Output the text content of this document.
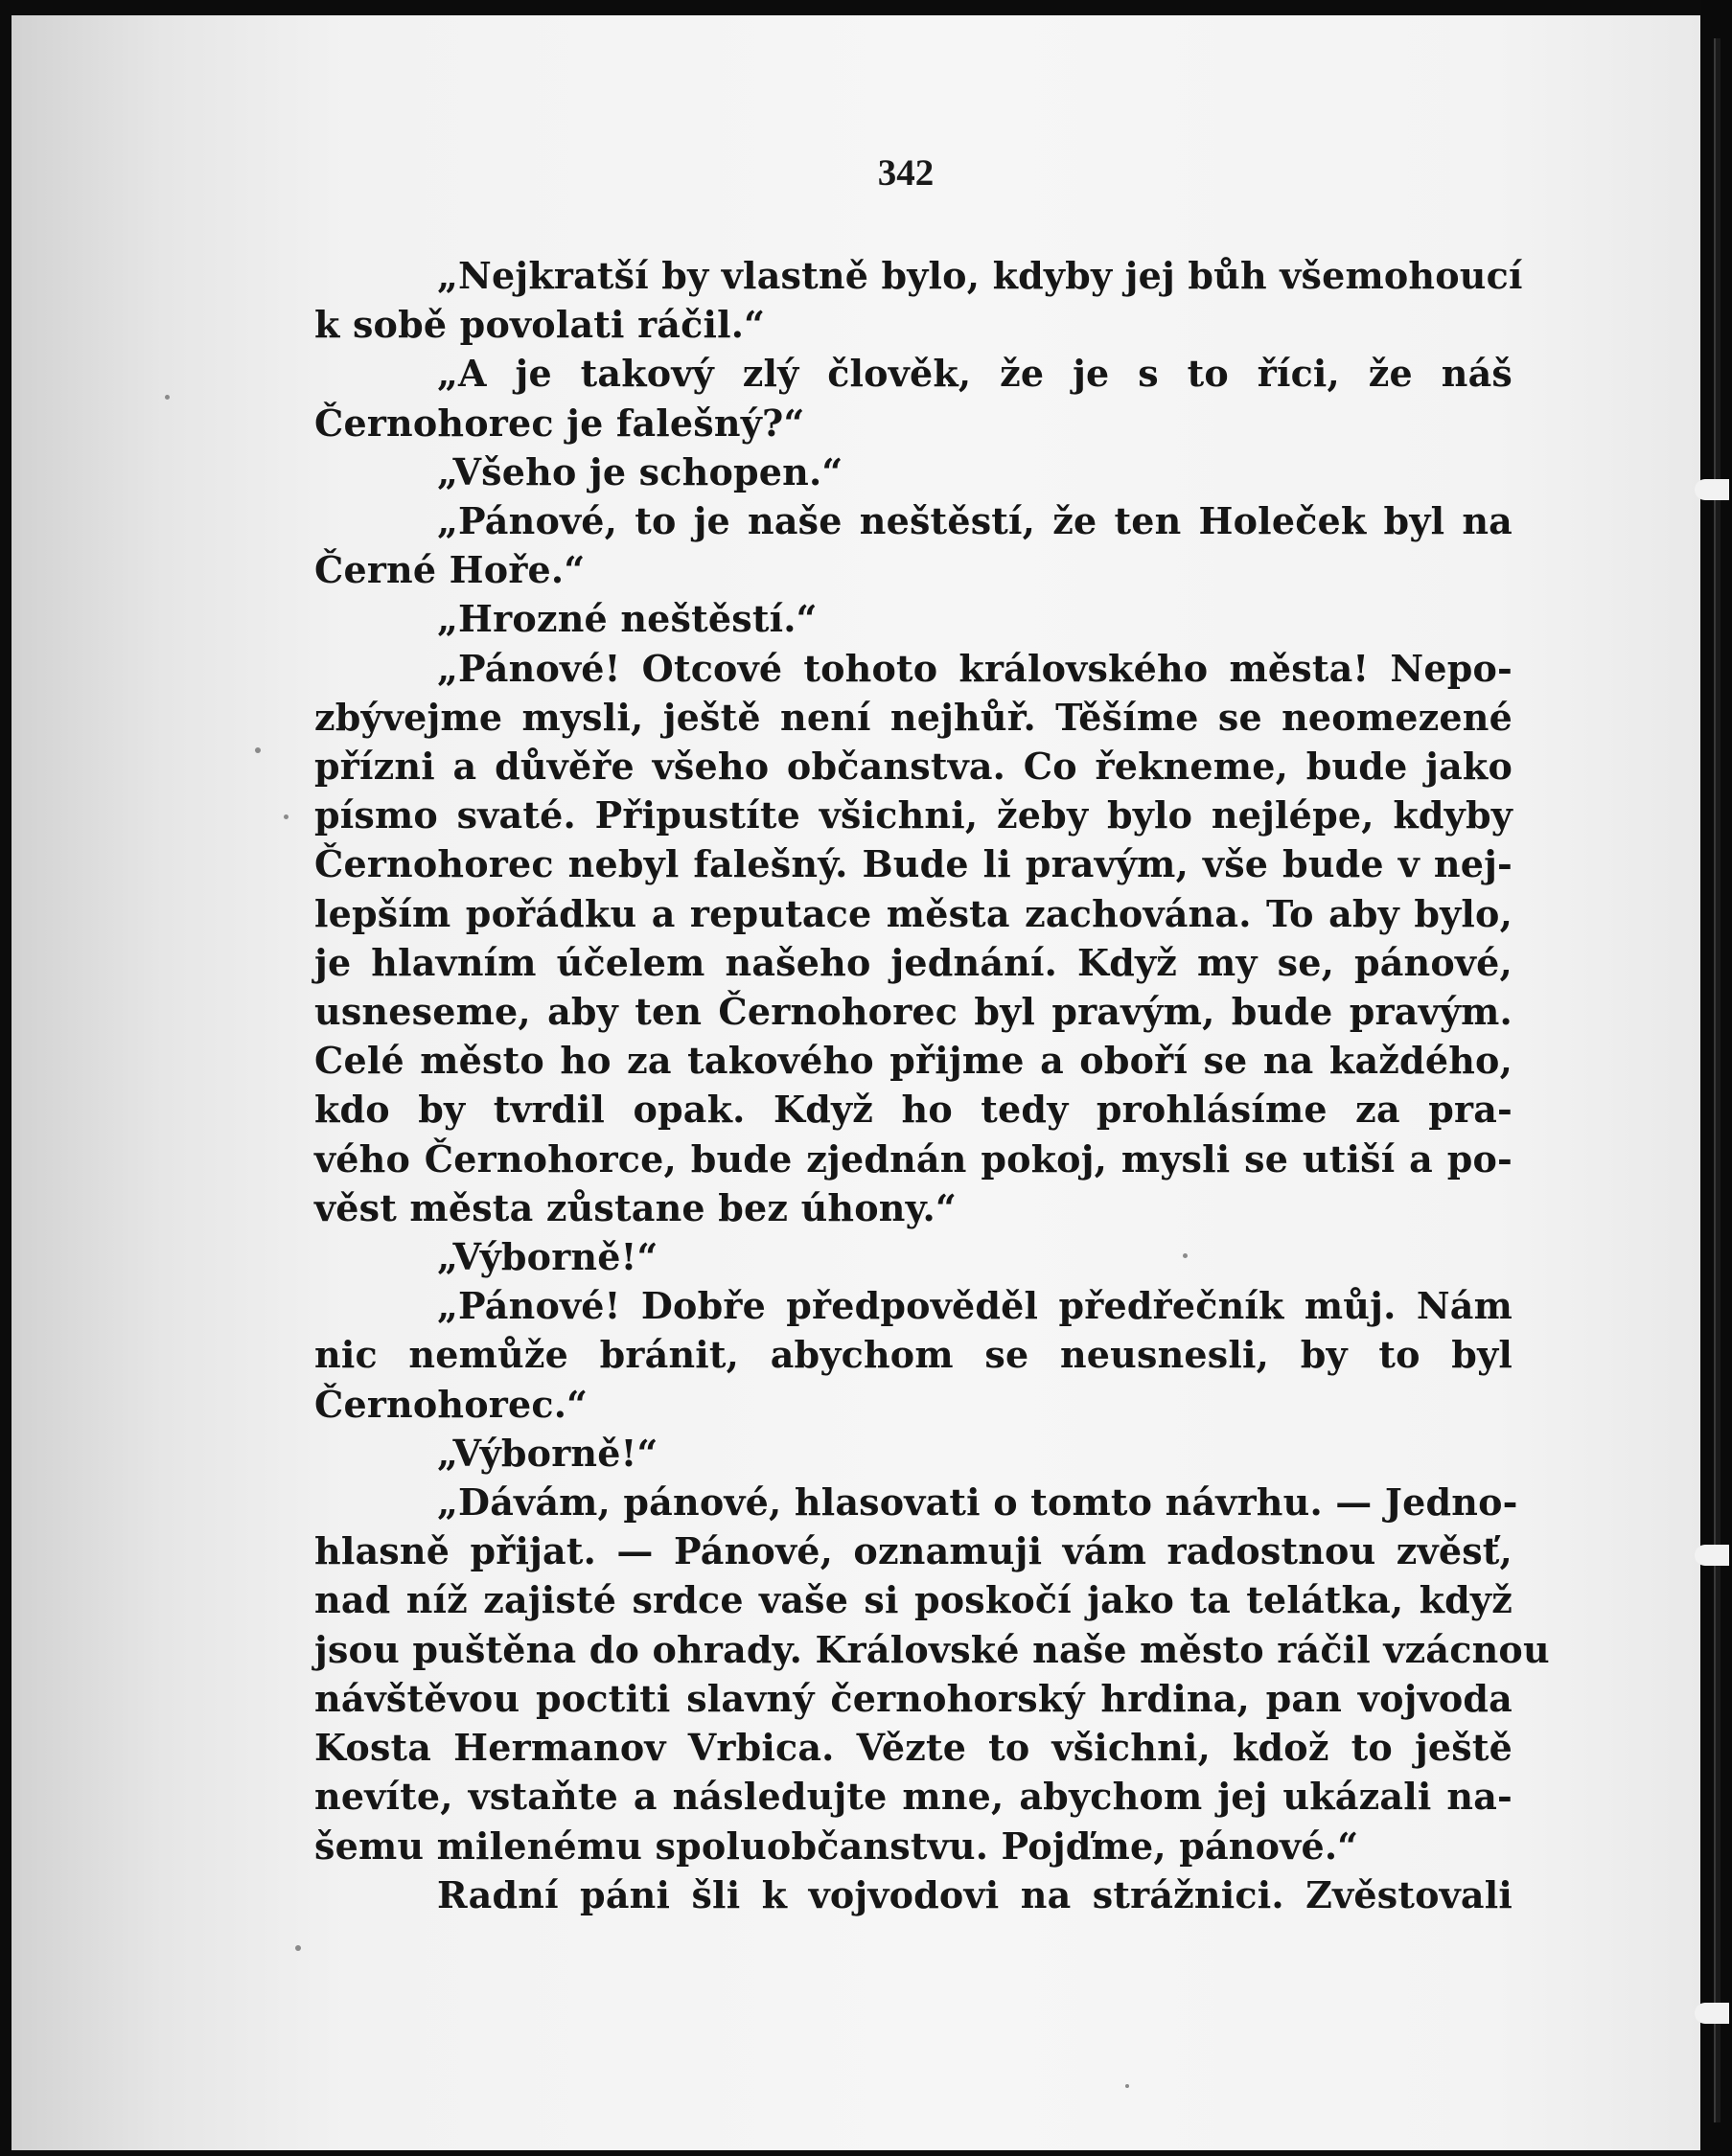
342
„Nejkratší by vlastně bylo, kdyby jej bůh všemohoucí
k sobě povolati ráčil.“
„A je takový zlý člověk, že je s to říci, že náš
Černohorec je falešný?“
„Všeho je schopen.“
„Pánové, to je naše neštěstí, že ten Holeček byl na
Černé Hoře.“
„Hrozné neštěstí.“
„Pánové! Otcové tohoto královského města! Nepo-
zbývejme mysli, ještě není nejhůř. Těšíme se neomezené
přízni a důvěře všeho občanstva. Co řekneme, bude jako
písmo svaté. Připustíte všichni, žeby bylo nejlépe, kdyby
Černohorec nebyl falešný. Bude li pravým, vše bude v nej-
lepším pořádku a reputace města zachována. To aby bylo,
je hlavním účelem našeho jednání. Když my se, pánové,
usneseme, aby ten Černohorec byl pravým, bude pravým.
Celé město ho za takového přijme a oboří se na každého,
kdo by tvrdil opak. Když ho tedy prohlásíme za pra-
vého Černohorce, bude zjednán pokoj, mysli se utiší a po-
věst města zůstane bez úhony.“
„Výborně!“
„Pánové! Dobře předpověděl předřečník můj. Nám
nic nemůže bránit, abychom se neusnesli, by to byl
Černohorec.“
„Výborně!“
„Dávám, pánové, hlasovati o tomto návrhu. — Jedno-
hlasně přijat. — Pánové, oznamuji vám radostnou zvěsť,
nad níž zajisté srdce vaše si poskočí jako ta telátka, když
jsou puštěna do ohrady. Královské naše město ráčil vzácnou
návštěvou poctiti slavný černohorský hrdina, pan vojvoda
Kosta Hermanov Vrbica. Vězte to všichni, kdož to ještě
nevíte, vstaňte a následujte mne, abychom jej ukázali na-
šemu milenému spoluobčanstvu. Pojďme, pánové.“
Radní páni šli k vojvodovi na strážnici. Zvěstovali
